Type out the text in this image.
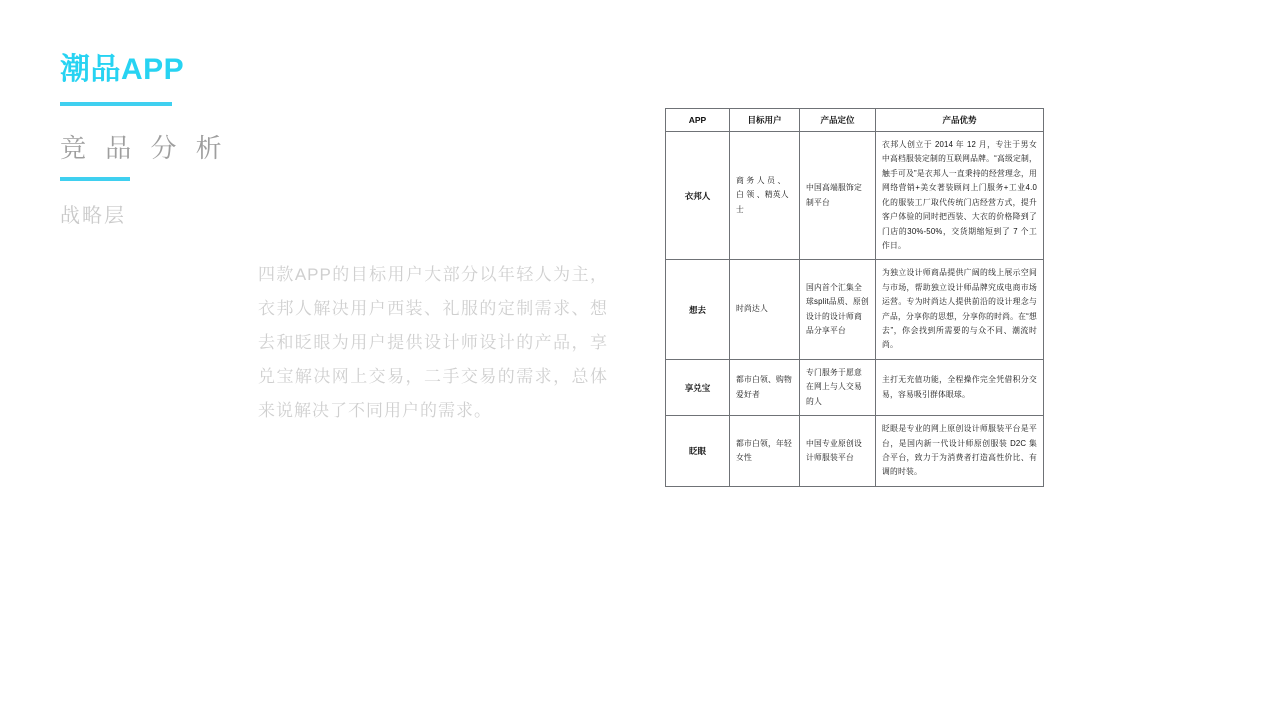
潮品APP
竞 品 分 析
战略层
四款APP的目标用户大部分以年轻人为主，衣邦人解决用户西装、礼服的定制需求、想去和眨眼为用户提供设计师设计的产品，享兑宝解决网上交易，二手交易的需求，总体来说解决了不同用户的需求。
APP	目标用户	产品定位	产品优势
衣邦人	商 务 人 员 、 白 领 、精英人士	中国高端服饰定制平台	衣邦人创立于 2014 年 12 月，专注于男女中高档服装定制的互联网品牌。“高级定制，触手可及”是衣邦人一直秉持的经营理念，用网络营销+美女著装顾问上门服务+工业4.0 化的服装工厂取代传统门店经营方式，提升客户体验的同时把西装、大衣的价格降到了门店的30%-50%，交货期缩短到了 7 个工作日。
想去	时尚达人	国内首个汇集全球split品质、原创设计的设计师商品分享平台	为独立设计师商品提供广阔的线上展示空间与市场，帮助独立设计师品牌究成电商市场运营。专为时尚达人提供前沿的设计理念与产品，分享你的思想，分享你的时尚。在“想去”，你会找到所需要的与众不同、潮流时尚。
享兑宝	都市白领、购物爱好者	专门服务于愿意在网上与人交易的人	主打无充值功能，全程操作完全凭借积分交易，容易吸引群体眼球。
眨眼	都市白领，年轻女性	中国专业原创设计师服装平台	眨眼是专业的网上原创设计师服装平台是平台，是国内新一代设计师原创服装 D2C 集合平台，致力于为消费者打造高性价比、有调的时装。
